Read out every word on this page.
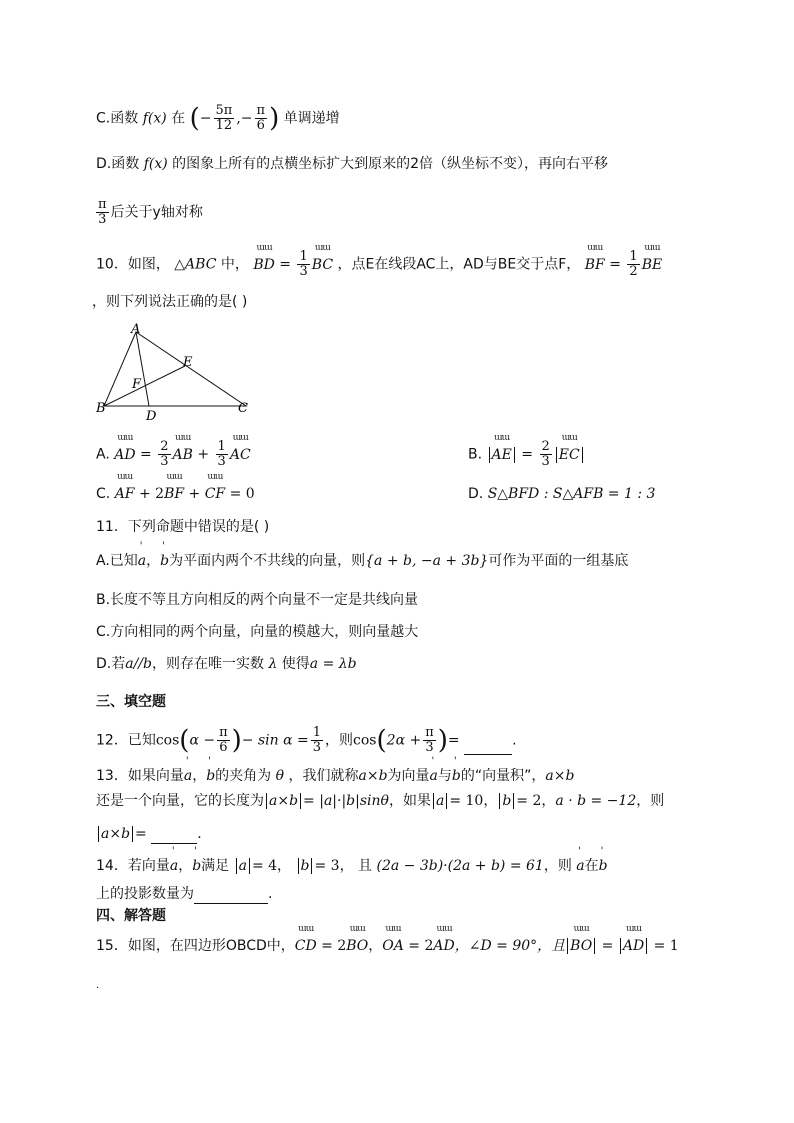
C.函数 f(x) 在 (− $\frac{5\pi}{12}$ ,− $\frac{\pi}{6}$ ) 单调递增
D.函数 f(x) 的图象上所有的点横坐标扩大到原来的2倍（纵坐标不变），再向右平移
$\frac{\pi}{3}$ 后关于y轴对称
10．如图， △ABC 中， ɯɯ BD = $\frac{1}{3}$ ɯɯ BC ，点E在线段AC上，AD与BE交于点F， ɯɯ BF = $\frac{1}{2}$ ɯɯ BE
，则下列说法正确的是( )
A
B	C
D
E
F
A. ɯɯ AD = $\frac{2}{3}$ ɯɯ AB + $\frac{1}{3}$ ɯɯ AC	B. ɯɯ AE = $\frac{2}{3}$ ɯɯ EC
C. ɯɯ AF + 2ɯɯ BF + ɯɯ CF = 0	D. S△BFD : S△AFB = 1 : 3
11．下列命题中错误的是( )
A.已知' a，' b为平面内两个不共线的向量，则{a + b, −a + 3b}可作为平面的一组基底
B.长度不等且方向相反的两个向量不一定是共线向量
C.方向相同的两个向量，向量的模越大，则向量越大
D.若a//b，则存在唯一实数 λ 使得a = λb
三、填空题
12．已知$\cos(\alpha - \frac{\pi}{6}$ )− $\sin \alpha = \frac{1}{3}$ ，则$\cos(2\alpha + \frac{\pi}{3}$ )=	.
13．如果向量' a，' b的夹角为 θ ，我们就称a×b为向量' a与' b的“向量积”，a×b
还是一个向量，它的长度为 a×b = |a|·|b|sinθ，如果 a = 10， b = 2，a · b = −12，则
a×b =	.
14．若向量' a，' b满足 a = 4， b = 3， 且 (2a − 3b)·(2a + b) = 61，则 ' a在' b
上的投影数量为	.
四、解答题
15．如图，在四边形OBCD中，ɯɯ CD = 2ɯɯ BO，ɯɯ OA = 2ɯɯ AD，∠D = 90°，且 ɯɯ BO = ɯɯ AD = 1
.
